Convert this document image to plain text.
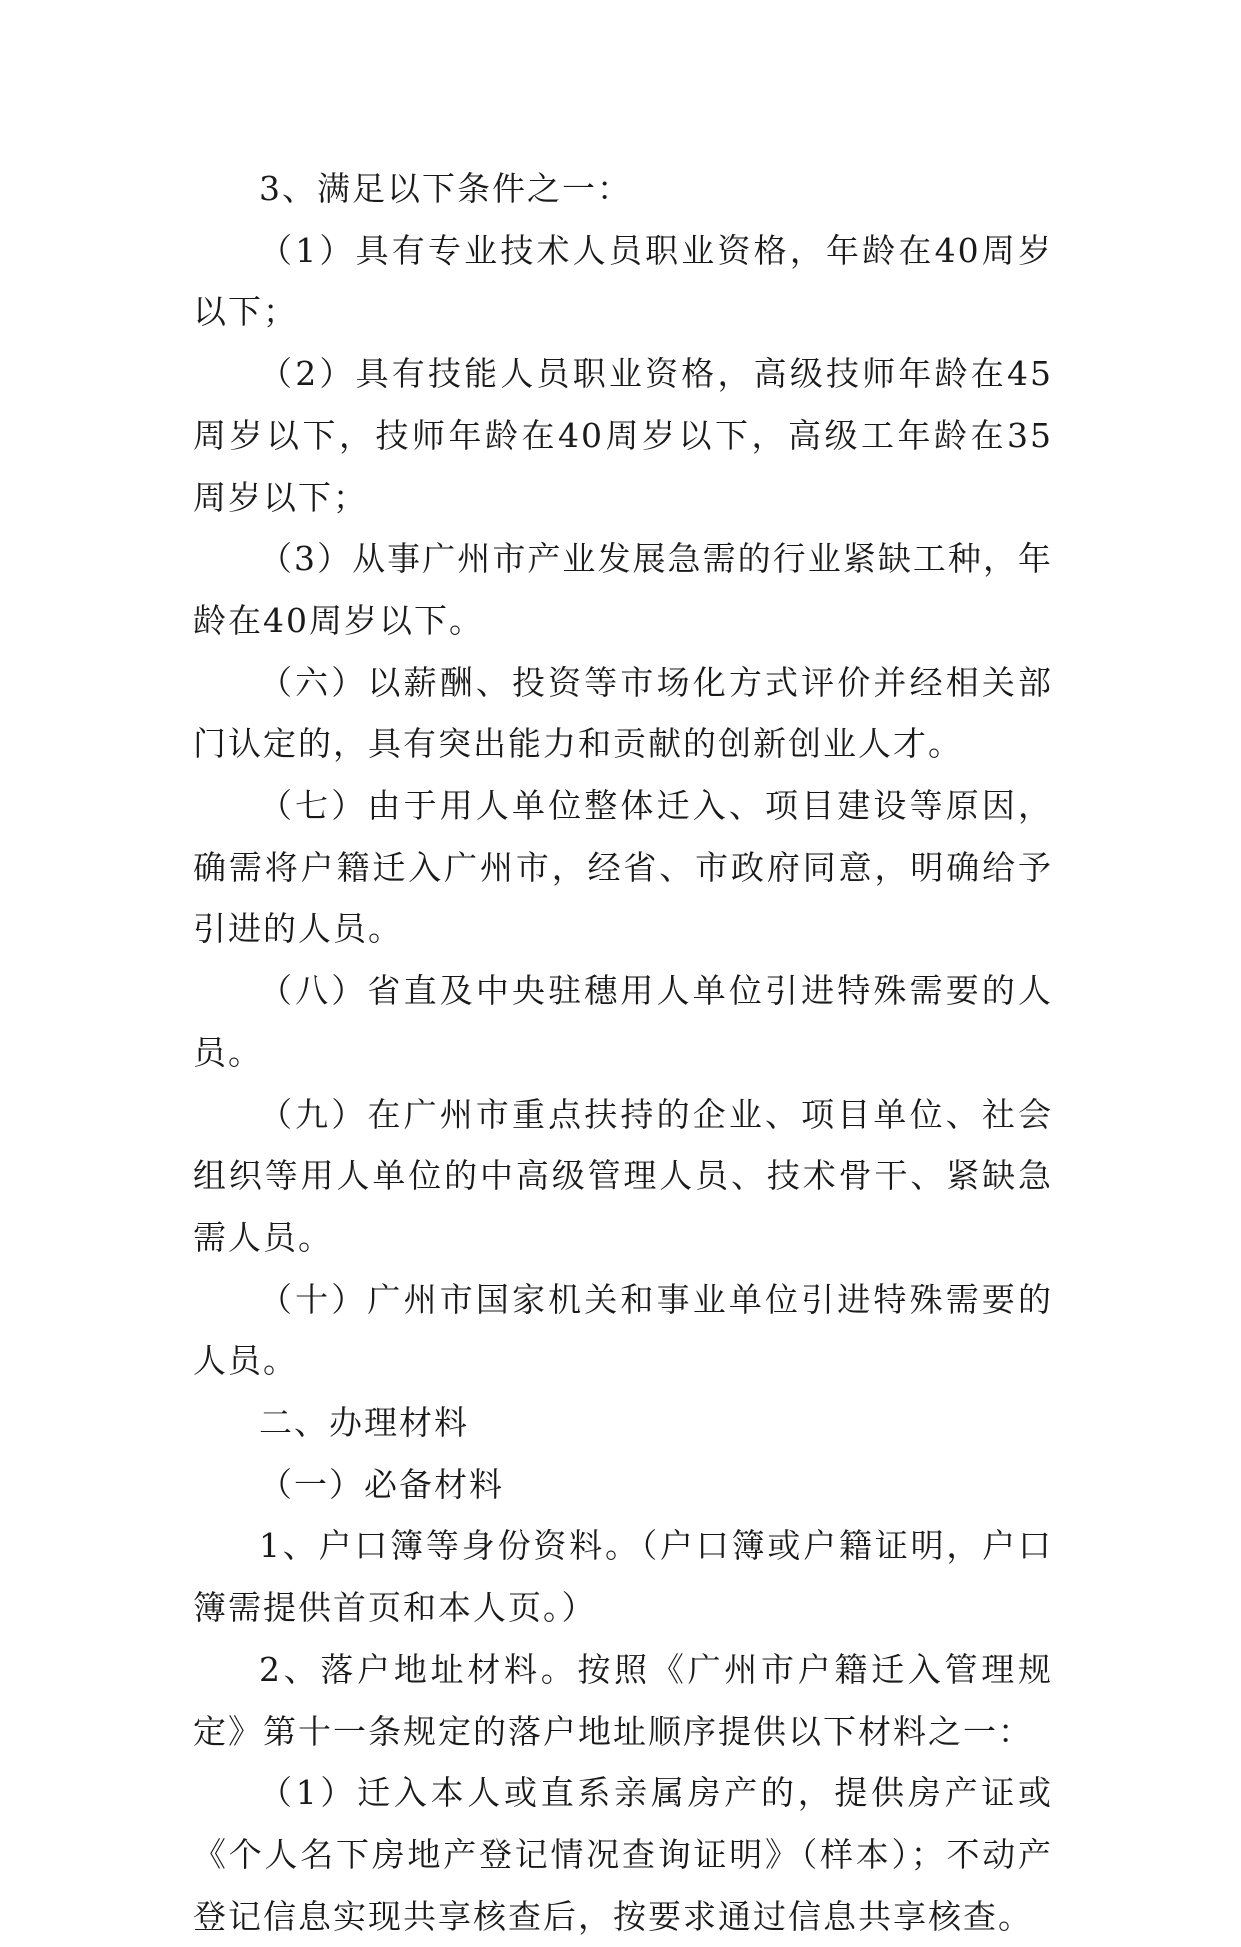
3、满足以下条件之一：

（1）具有专业技术人员职业资格，年龄在40周岁以下；

（2）具有技能人员职业资格，高级技师年龄在45周岁以下，技师年龄在40周岁以下，高级工年龄在35周岁以下；

（3）从事广州市产业发展急需的行业紧缺工种，年龄在40周岁以下。

（六）以薪酬、投资等市场化方式评价并经相关部门认定的，具有突出能力和贡献的创新创业人才。

（七）由于用人单位整体迁入、项目建设等原因，确需将户籍迁入广州市，经省、市政府同意，明确给予引进的人员。

（八）省直及中央驻穗用人单位引进特殊需要的人员。

（九）在广州市重点扶持的企业、项目单位、社会组织等用人单位的中高级管理人员、技术骨干、紧缺急需人员。

（十）广州市国家机关和事业单位引进特殊需要的人员。

二、办理材料

（一）必备材料

1、户口簿等身份资料。（户口簿或户籍证明，户口簿需提供首页和本人页。）

2、落户地址材料。按照《广州市户籍迁入管理规定》第十一条规定的落户地址顺序提供以下材料之一：

（1）迁入本人或直系亲属房产的，提供房产证或《个人名下房地产登记情况查询证明》（样本）；不动产登记信息实现共享核查后，按要求通过信息共享核查。
